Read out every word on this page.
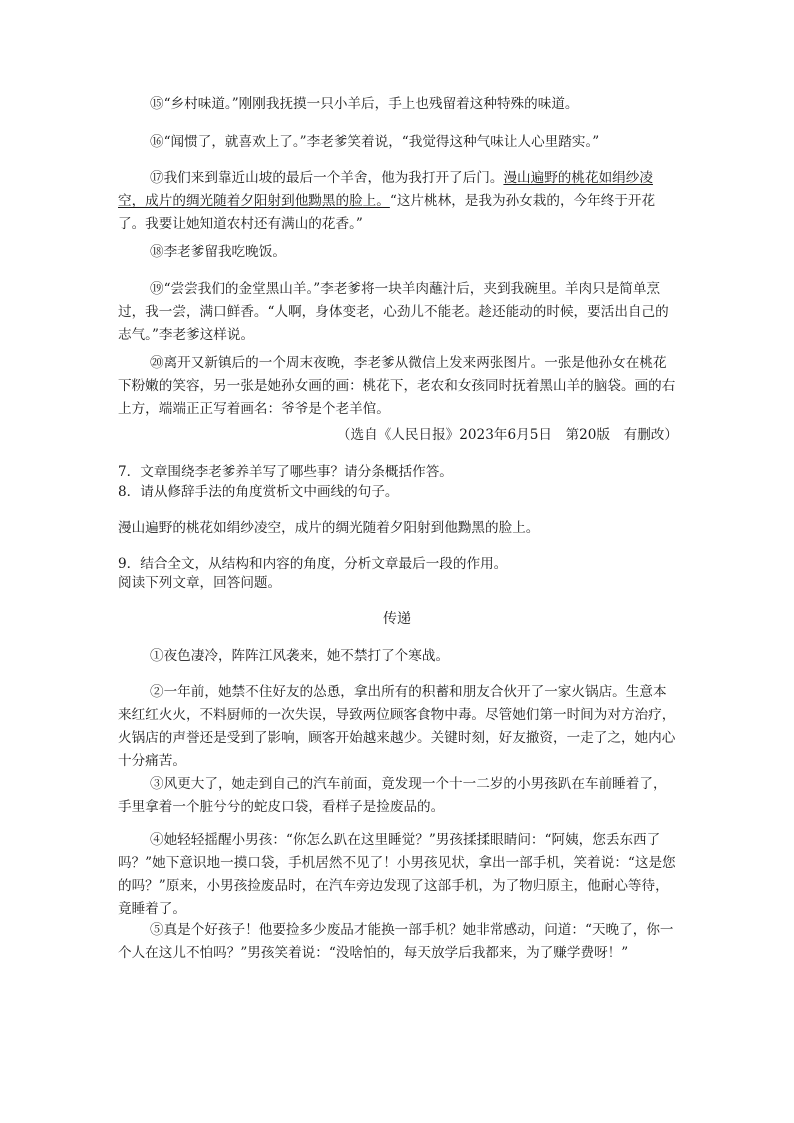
⑮“乡村味道。”刚刚我抚摸一只小羊后，手上也残留着这种特殊的味道。

⑯“闻惯了，就喜欢上了。”李老爹笑着说，“我觉得这种气味让人心里踏实。”

⑰我们来到靠近山坡的最后一个羊舍，他为我打开了后门。漫山遍野的桃花如绢纱凌空，成片的绸光随着夕阳射到他黝黑的脸上。“这片桃林，是我为孙女栽的，今年终于开花了。我要让她知道农村还有满山的花香。”

⑱李老爹留我吃晚饭。

⑲“尝尝我们的金堂黑山羊。”李老爹将一块羊肉蘸汁后，夹到我碗里。羊肉只是简单烹过，我一尝，满口鲜香。“人啊，身体变老，心劲儿不能老。趁还能动的时候，要活出自己的志气。”李老爹这样说。

⑳离开又新镇后的一个周末夜晚，李老爹从微信上发来两张图片。一张是他孙女在桃花下粉嫩的笑容，另一张是她孙女画的画：桃花下，老农和女孩同时抚着黑山羊的脑袋。画的右上方，端端正正写着画名：爷爷是个老羊倌。

（选自《人民日报》2023年6月5日　第20版　有删改）

7．文章围绕李老爹养羊写了哪些事？请分条概括作答。

8．请从修辞手法的角度赏析文中画线的句子。

漫山遍野的桃花如绢纱凌空，成片的绸光随着夕阳射到他黝黑的脸上。

9．结合全文，从结构和内容的角度，分析文章最后一段的作用。

阅读下列文章，回答问题。

传递

①夜色凄冷，阵阵江风袭来，她不禁打了个寒战。

②一年前，她禁不住好友的怂恿，拿出所有的积蓄和朋友合伙开了一家火锅店。生意本来红红火火，不料厨师的一次失误，导致两位顾客食物中毒。尽管她们第一时间为对方治疗，火锅店的声誉还是受到了影响，顾客开始越来越少。关键时刻，好友撤资，一走了之，她内心十分痛苦。

③风更大了，她走到自己的汽车前面，竟发现一个十一二岁的小男孩趴在车前睡着了，手里拿着一个脏兮兮的蛇皮口袋，看样子是捡废品的。

④她轻轻摇醒小男孩：“你怎么趴在这里睡觉？”男孩揉揉眼睛问：“阿姨，您丢东西了吗？”她下意识地一摸口袋，手机居然不见了！小男孩见状，拿出一部手机，笑着说：“这是您的吗？”原来，小男孩捡废品时，在汽车旁边发现了这部手机，为了物归原主，他耐心等待，竟睡着了。

⑤真是个好孩子！他要捡多少废品才能换一部手机？她非常感动，问道：“天晚了，你一个人在这儿不怕吗？”男孩笑着说：“没啥怕的，每天放学后我都来，为了赚学费呀！”
